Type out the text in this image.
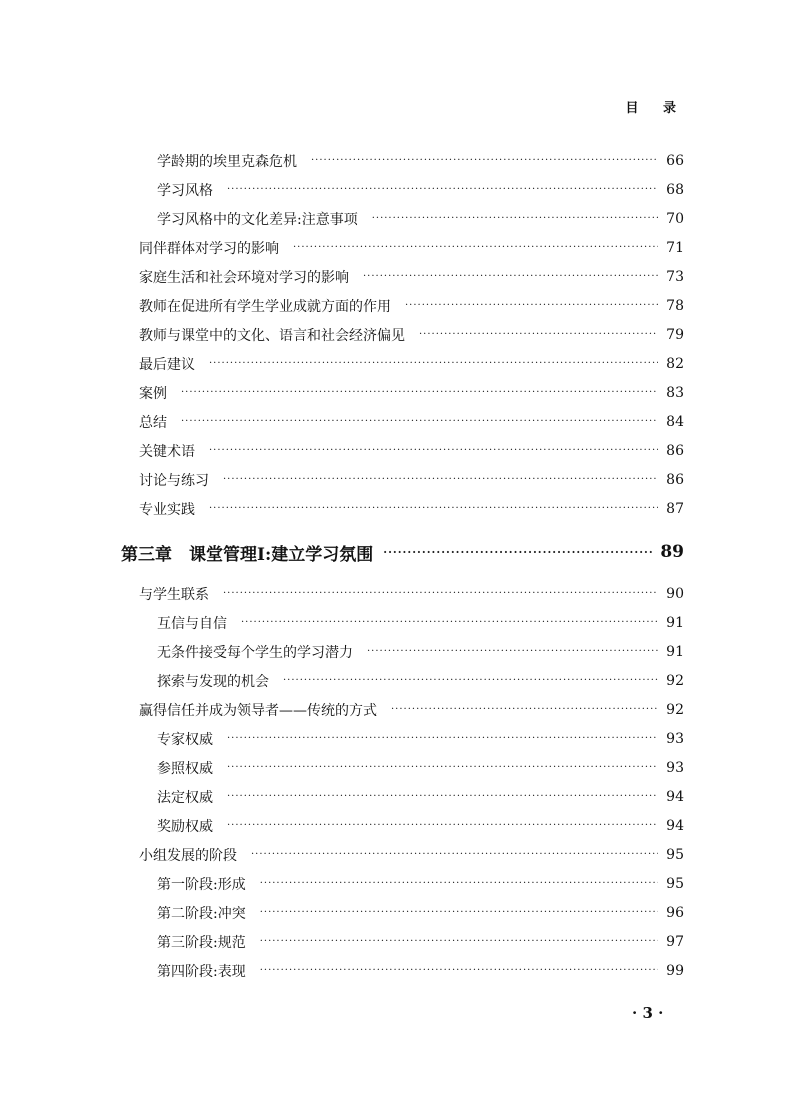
目 录
学龄期的埃里克森危机 ·····	66
学习风格 ·····	68
学习风格中的文化差异:注意事项 ·····	70
同伴群体对学习的影响 ·····	71
家庭生活和社会环境对学习的影响 ·····	73
教师在促进所有学生学业成就方面的作用 ·····	78
教师与课堂中的文化、语言和社会经济偏见 ·····	79
最后建议 ·····	82
案例 ·····	83
总结 ·····	84
关键术语 ·····	86
讨论与练习 ·····	86
专业实践 ·····	87
第三章　课堂管理Ⅰ:建立学习氛围 ·····	89
与学生联系 ·····	90
互信与自信 ·····	91
无条件接受每个学生的学习潜力 ·····	91
探索与发现的机会 ·····	92
赢得信任并成为领导者——传统的方式 ·····	92
专家权威 ·····	93
参照权威 ·····	93
法定权威 ·····	94
奖励权威 ·····	94
小组发展的阶段 ·····	95
第一阶段:形成 ·····	95
第二阶段:冲突 ·····	96
第三阶段:规范 ·····	97
第四阶段:表现 ·····	99
· 3 ·
